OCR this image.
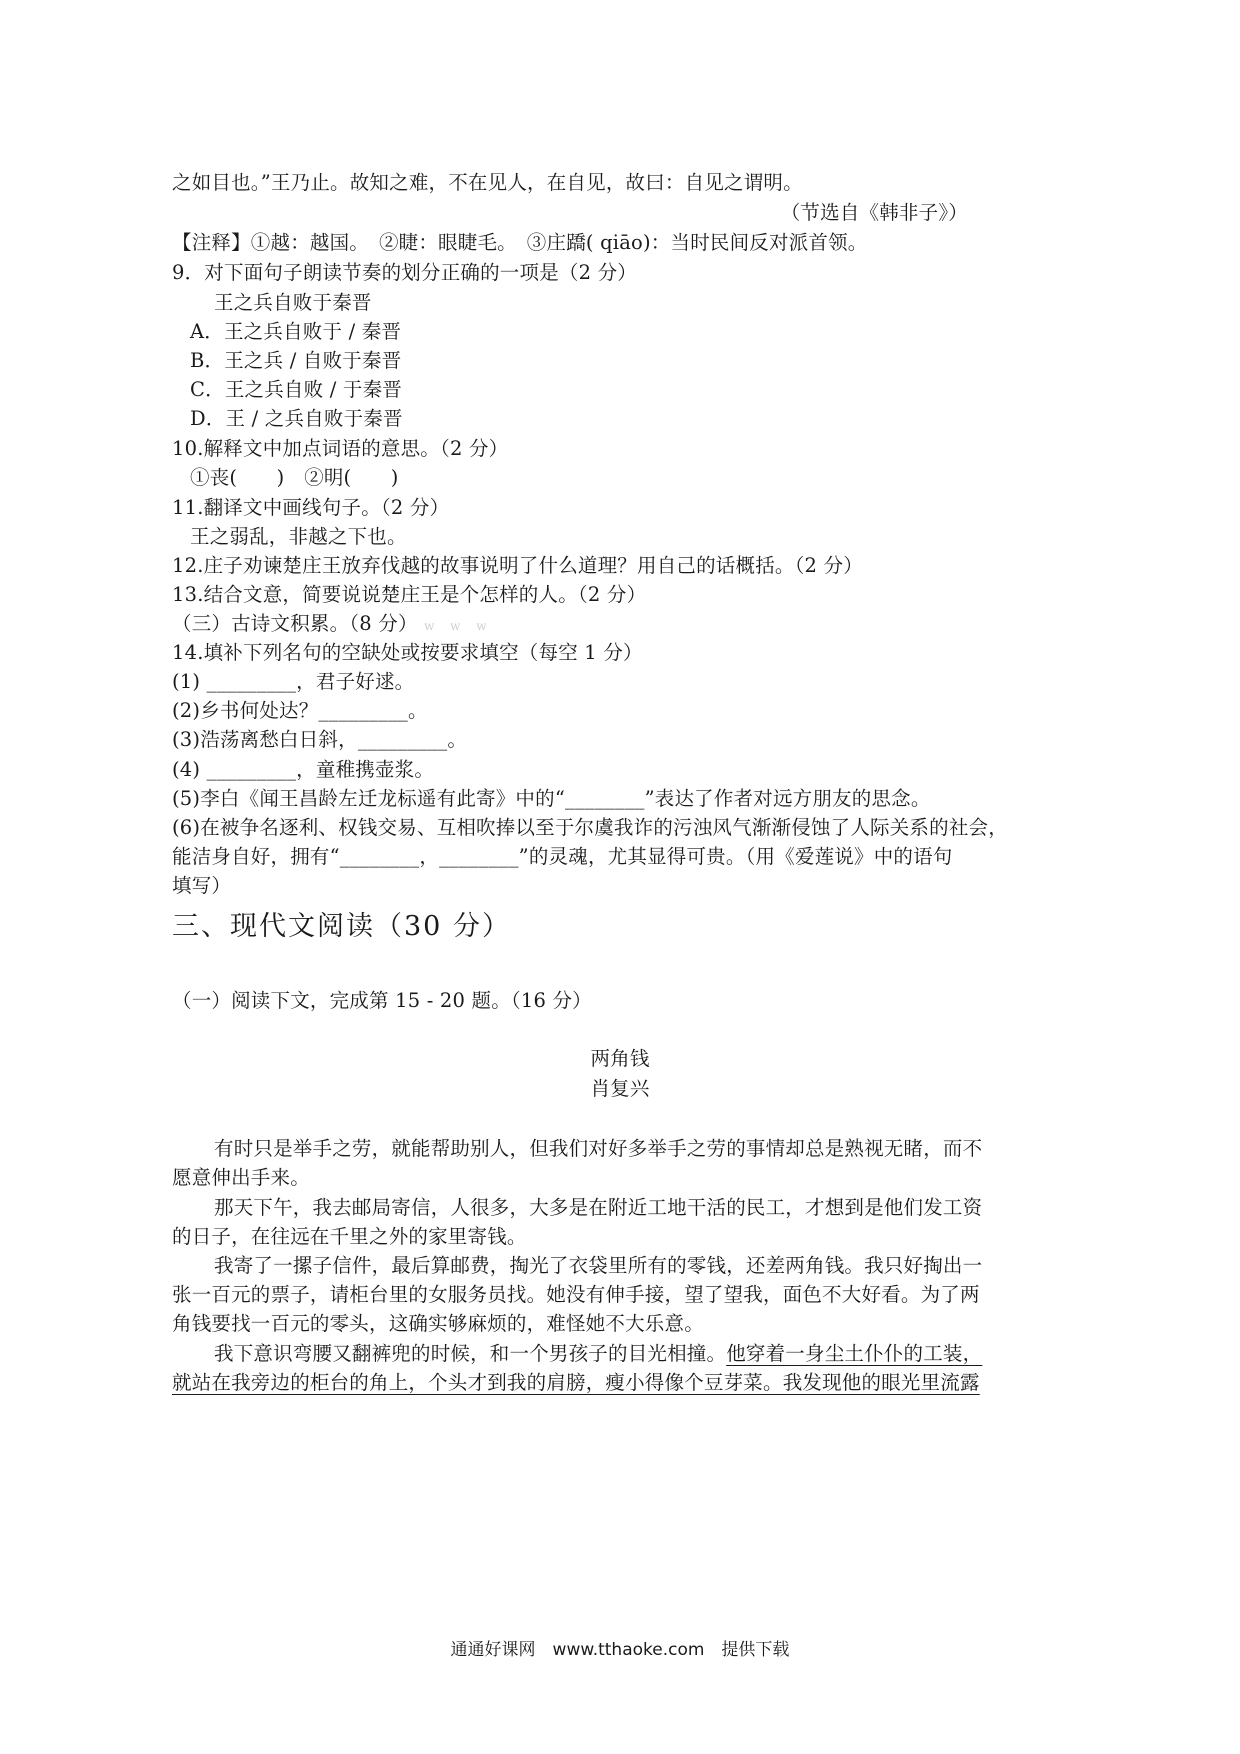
之如目也。”王乃止。故知之难，不在见人，在自见，故曰：自见之谓明。
（节选自《韩非子》）
【注释】①越：越国。　②睫：眼睫毛。　③庄蹻( qiāo)：当时民间反对派首领。
9．对下面句子朗读节奏的划分正确的一项是（2 分）
王之兵自败于秦晋
A．王之兵自败于 / 秦晋
B．王之兵 / 自败于秦晋
C．王之兵自败 / 于秦晋
D．王 / 之兵自败于秦晋
10.解释文中加点词语的意思。（2 分）
①丧(　　)　②明(　　)
11.翻译文中画线句子。（2 分）
王之弱乱，非越之下也。
12.庄子劝谏楚庄王放弃伐越的故事说明了什么道理？用自己的话概括。（2 分）
13.结合文意，简要说说楚庄王是个怎样的人。（2 分）
（三）古诗文积累。（8 分） w w w
14.填补下列名句的空缺处或按要求填空（每空 1 分）
(1) _________，君子好逑。
(2)乡书何处达？_________。
(3)浩荡离愁白日斜，_________。
(4) _________，童稚携壶浆。
(5)李白《闻王昌龄左迁龙标遥有此寄》中的“________”表达了作者对远方朋友的思念。
(6)在被争名逐利、权钱交易、互相吹捧以至于尔虞我诈的污浊风气渐渐侵蚀了人际关系的社会，
能洁身自好，拥有“________，________”的灵魂，尤其显得可贵。（用《爱莲说》中的语句
填写）
三、现代文阅读（30 分）
（一）阅读下文，完成第 15 - 20 题。（16 分）
两角钱
肖复兴
有时只是举手之劳，就能帮助别人，但我们对好多举手之劳的事情却总是熟视无睹，而不
愿意伸出手来。
那天下午，我去邮局寄信，人很多，大多是在附近工地干活的民工，才想到是他们发工资
的日子，在往远在千里之外的家里寄钱。
我寄了一摞子信件，最后算邮费，掏光了衣袋里所有的零钱，还差两角钱。我只好掏出一
张一百元的票子，请柜台里的女服务员找。她没有伸手接，望了望我，面色不大好看。为了两
角钱要找一百元的零头，这确实够麻烦的，难怪她不大乐意。
我下意识弯腰又翻裤兜的时候，和一个男孩子的目光相撞。他穿着一身尘土仆仆的工装，
就站在我旁边的柜台的角上，个头才到我的肩膀，瘦小得像个豆芽菜。我发现他的眼光里流露
通通好课网　www.tthaoke.com　提供下载
